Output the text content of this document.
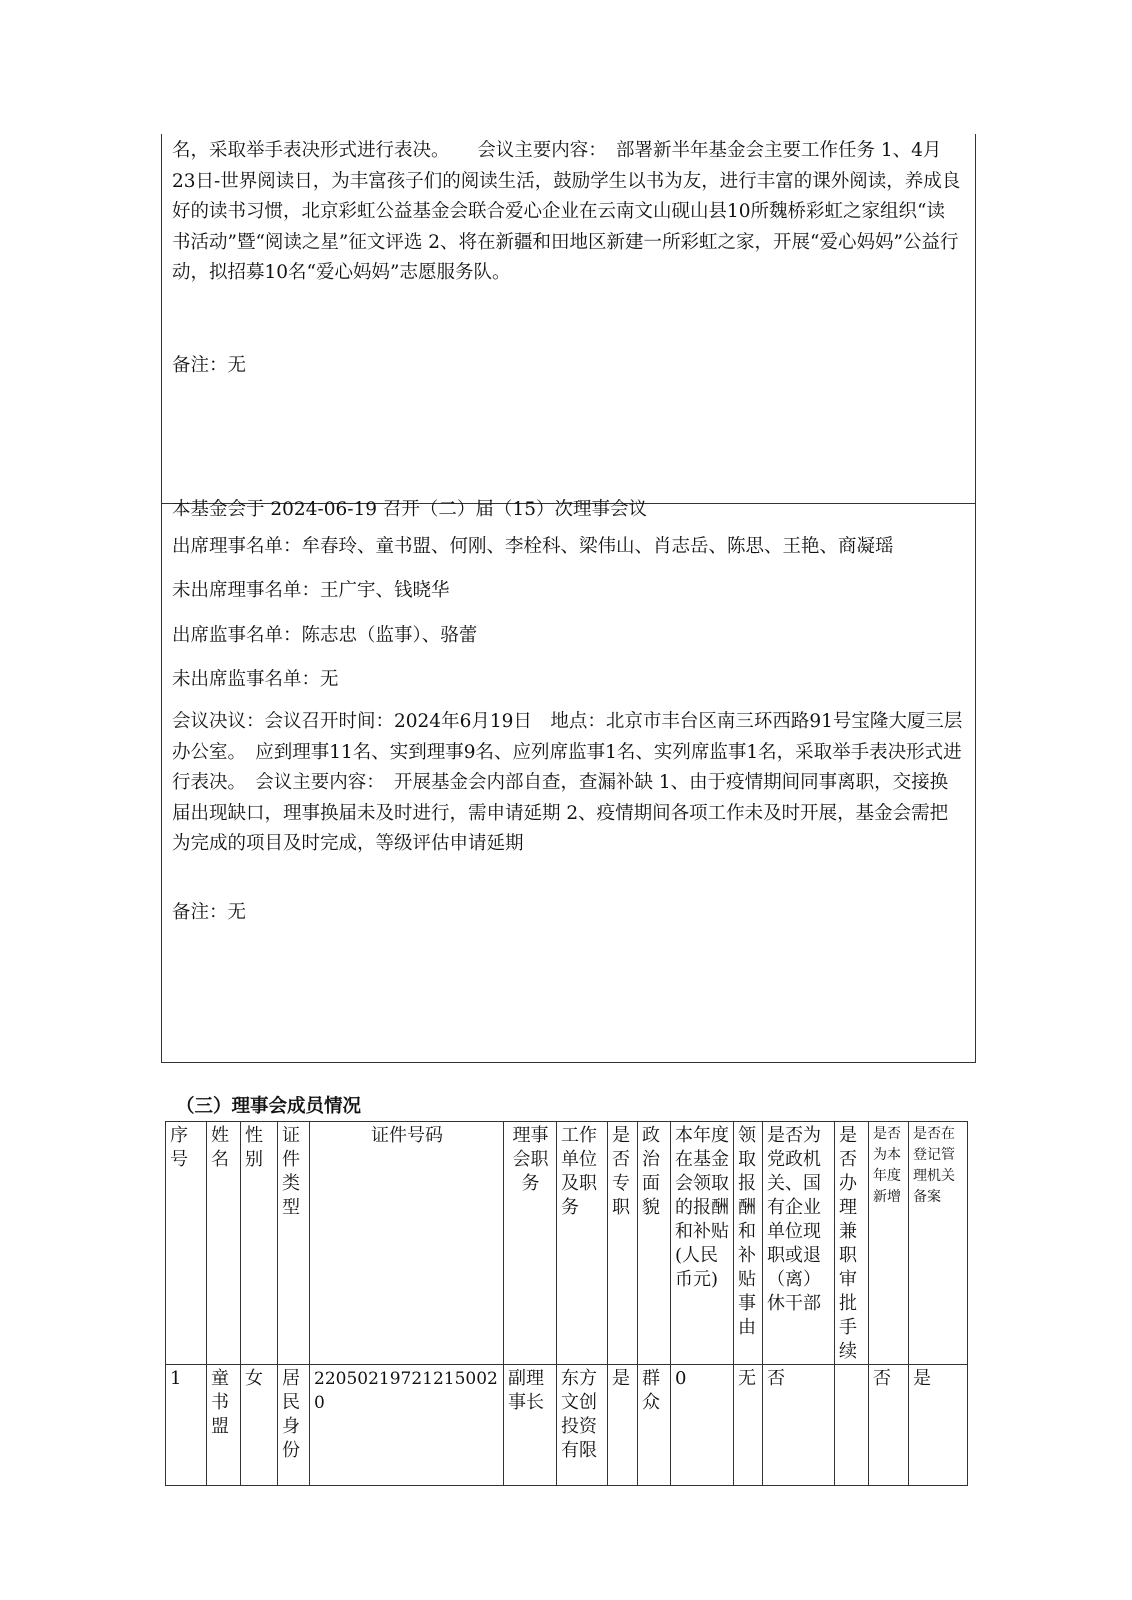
名，采取举手表决形式进行表决。　　会议主要内容：　部署新半年基金会主要工作任务 1、4月23日-世界阅读日，为丰富孩子们的阅读生活，鼓励学生以书为友，进行丰富的课外阅读，养成良好的读书习惯，北京彩虹公益基金会联合爱心企业在云南文山砚山县10所魏桥彩虹之家组织“读书活动”暨“阅读之星”征文评选 2、将在新疆和田地区新建一所彩虹之家，开展“爱心妈妈”公益行动，拟招募10名“爱心妈妈”志愿服务队。

备注：无
本基金会于 2024-06-19 召开（二）届（15）次理事会议
出席理事名单：牟春玲、童书盟、何刚、李栓科、梁伟山、肖志岳、陈思、王艳、商凝瑶
未出席理事名单：王广宇、钱晓华
出席监事名单：陈志忠（监事）、骆蕾
未出席监事名单：无

会议决议：会议召开时间：2024年6月19日　地点：北京市丰台区南三环西路91号宝隆大厦三层办公室。　应到理事11名、实到理事9名、应列席监事1名、实列席监事1名，采取举手表决形式进行表决。　会议主要内容：　开展基金会内部自查，查漏补缺 1、由于疫情期间同事离职，交接换届出现缺口，理事换届未及时进行，需申请延期 2、疫情期间各项工作未及时开展，基金会需把为完成的项目及时完成，等级评估申请延期

备注：无
（三）理事会成员情况
序号	姓名	性别	证件类型	证件号码	理事会职务	工作单位及职务	是否专职	政治面貌	本年度在基金会领取的报酬和补贴(人民币元)	领取报酬和补贴事由	是否为党政机关、国有企业单位现职或退（离）休干部	是否办理兼职审批手续	是否为本年度新增	是否在登记管理机关备案

1	童书盟	女	居民身份	220502197212150020	副理事长	东方文创投资有限	是	群众	0	无	否		否	是
